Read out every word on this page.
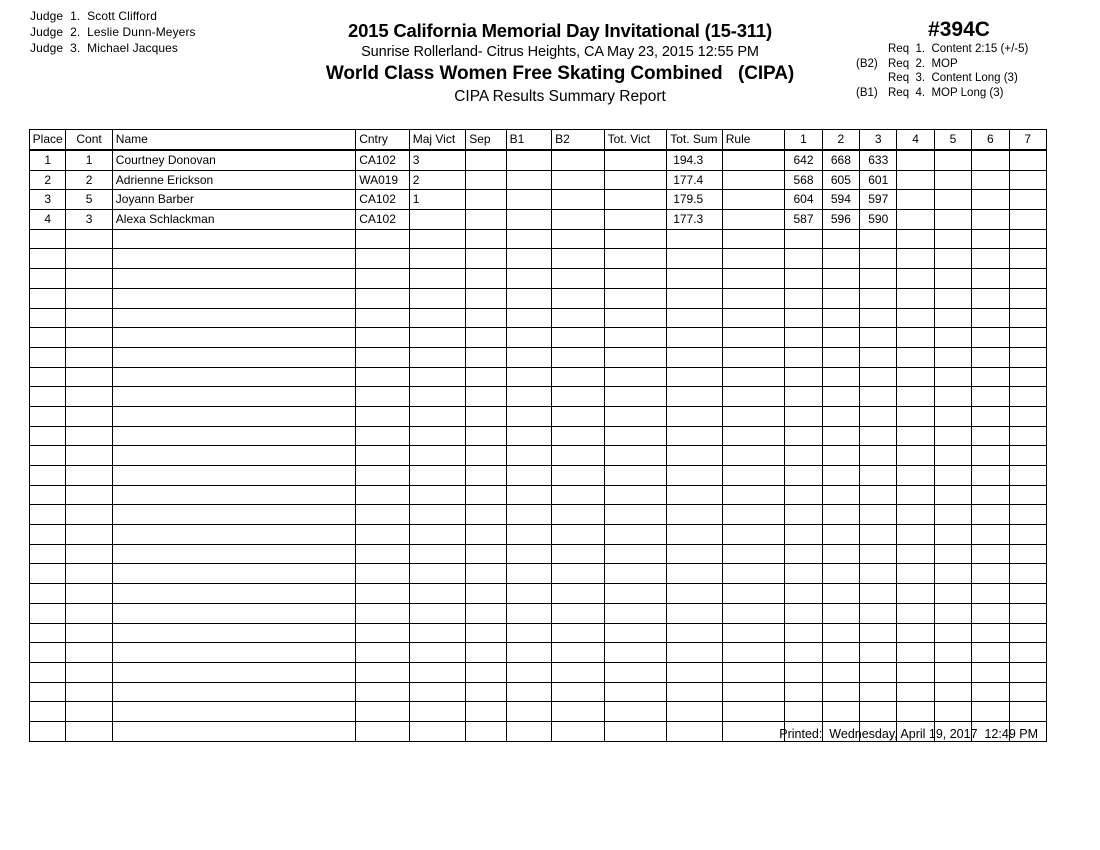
Judge  1.  Scott Clifford
Judge  2.  Leslie Dunn-Meyers
Judge  3.  Michael Jacques
2015 California Memorial Day Invitational (15-311)
Sunrise Rollerland- Citrus Heights, CA May 23, 2015 12:55 PM
World Class Women Free Skating Combined   (CIPA)
CIPA Results Summary Report
#394C
Req  1.  Content 2:15 (+/-5)
(B2) Req  2.  MOP
Req  3.  Content Long (3)
(B1) Req  4.  MOP Long (3)
Place	Cont	Name	Cntry	Maj Vict	Sep	B1	B2	Tot. Vict	Tot. Sum	Rule	1	2	3	4	5	6	7
1	1	Courtney Donovan	CA102	3					194.3		642	668	633				
2	2	Adrienne Erickson	WA019	2					177.4		568	605	601				
3	5	Joyann Barber	CA102	1					179.5		604	594	597				
4	3	Alexa Schlackman	CA102						177.3		587	596	590				

Printed:  Wednesday, April 19, 2017  12:49 PM
